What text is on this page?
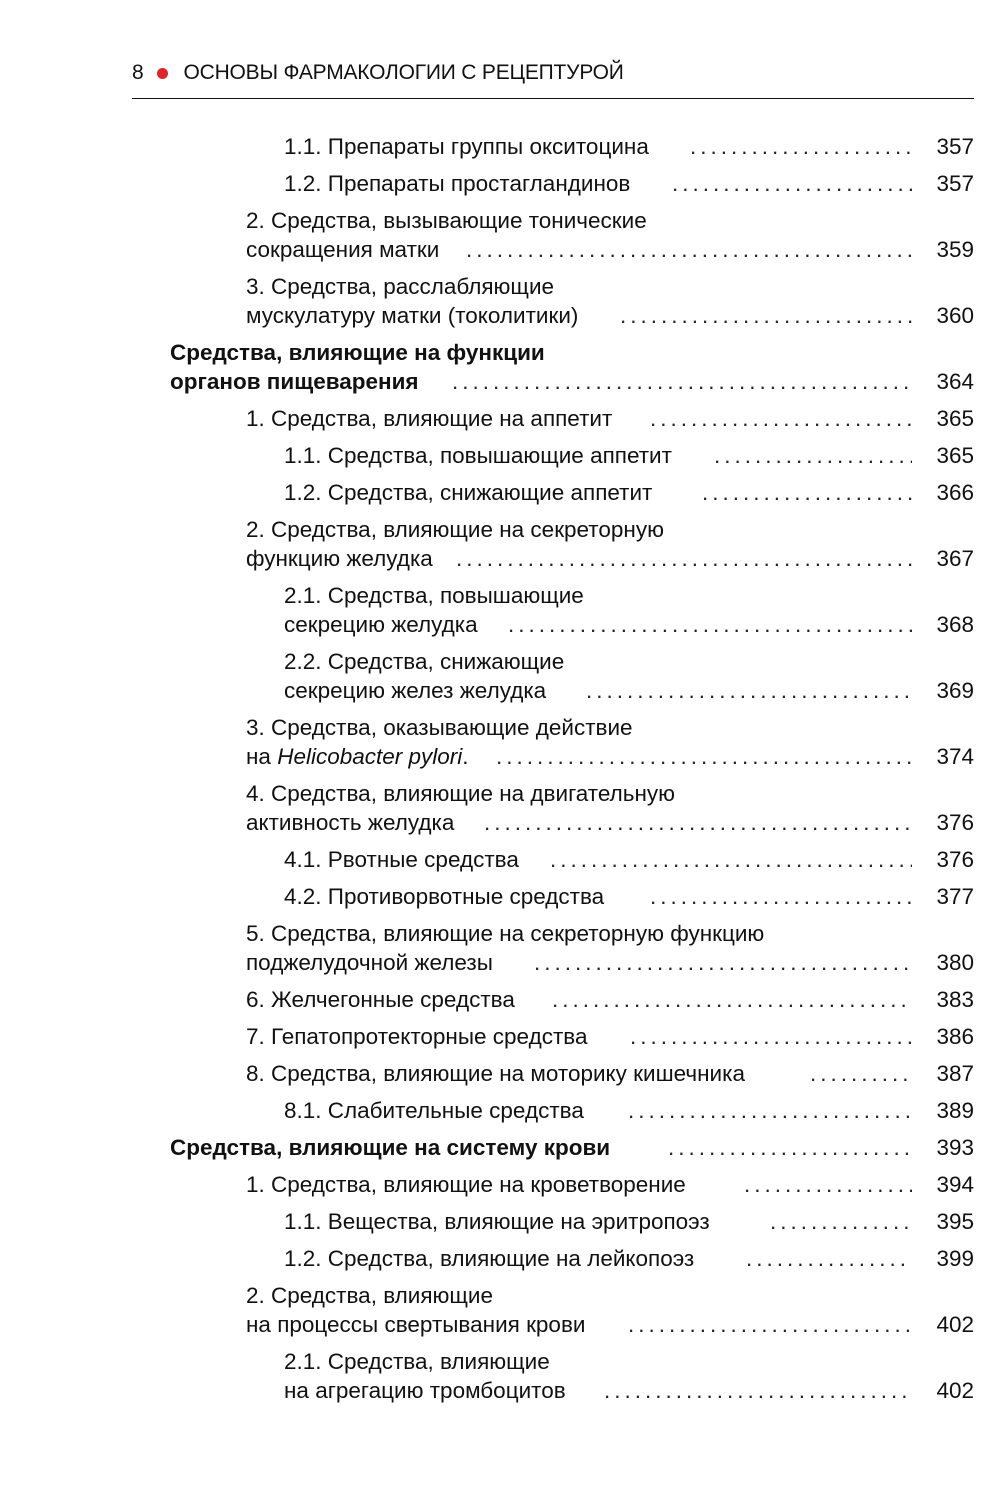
8 ОСНОВЫ ФАРМАКОЛОГИИ С РЕЦЕПТУРОЙ
1.1. Препараты группы окситоцина .....	357
1.2. Препараты простагландинов .....	357
2. Средства, вызывающие тонические
сокращения матки .....	359
3. Средства, расслабляющие
мускулатуру матки (токолитики) .....	360
Средства, влияющие на функции
органов пищеварения .....	364
1. Средства, влияющие на аппетит .....	365
1.1. Средства, повышающие аппетит .....	365
1.2. Средства, снижающие аппетит .....	366
2. Средства, влияющие на секреторную
функцию желудка .....	367
2.1. Средства, повышающие
секрецию желудка .....	368
2.2. Средства, снижающие
секрецию желез желудка .....	369
3. Средства, оказывающие действие
на Helicobacter pylori. .....	374
4. Средства, влияющие на двигательную
активность желудка .....	376
4.1. Рвотные средства .....	376
4.2. Противорвотные средства .....	377
5. Средства, влияющие на секреторную функцию
поджелудочной железы .....	380
6. Желчегонные средства .....	383
7. Гепатопротекторные средства .....	386
8. Средства, влияющие на моторику кишечника .....	387
8.1. Слабительные средства .....	389
Средства, влияющие на систему крови .....	393
1. Средства, влияющие на кроветворение .....	394
1.1. Вещества, влияющие на эритропоэз .....	395
1.2. Средства, влияющие на лейкопоэз .....	399
2. Средства, влияющие
на процессы свертывания крови .....	402
2.1. Средства, влияющие
на агрегацию тромбоцитов .....	402
